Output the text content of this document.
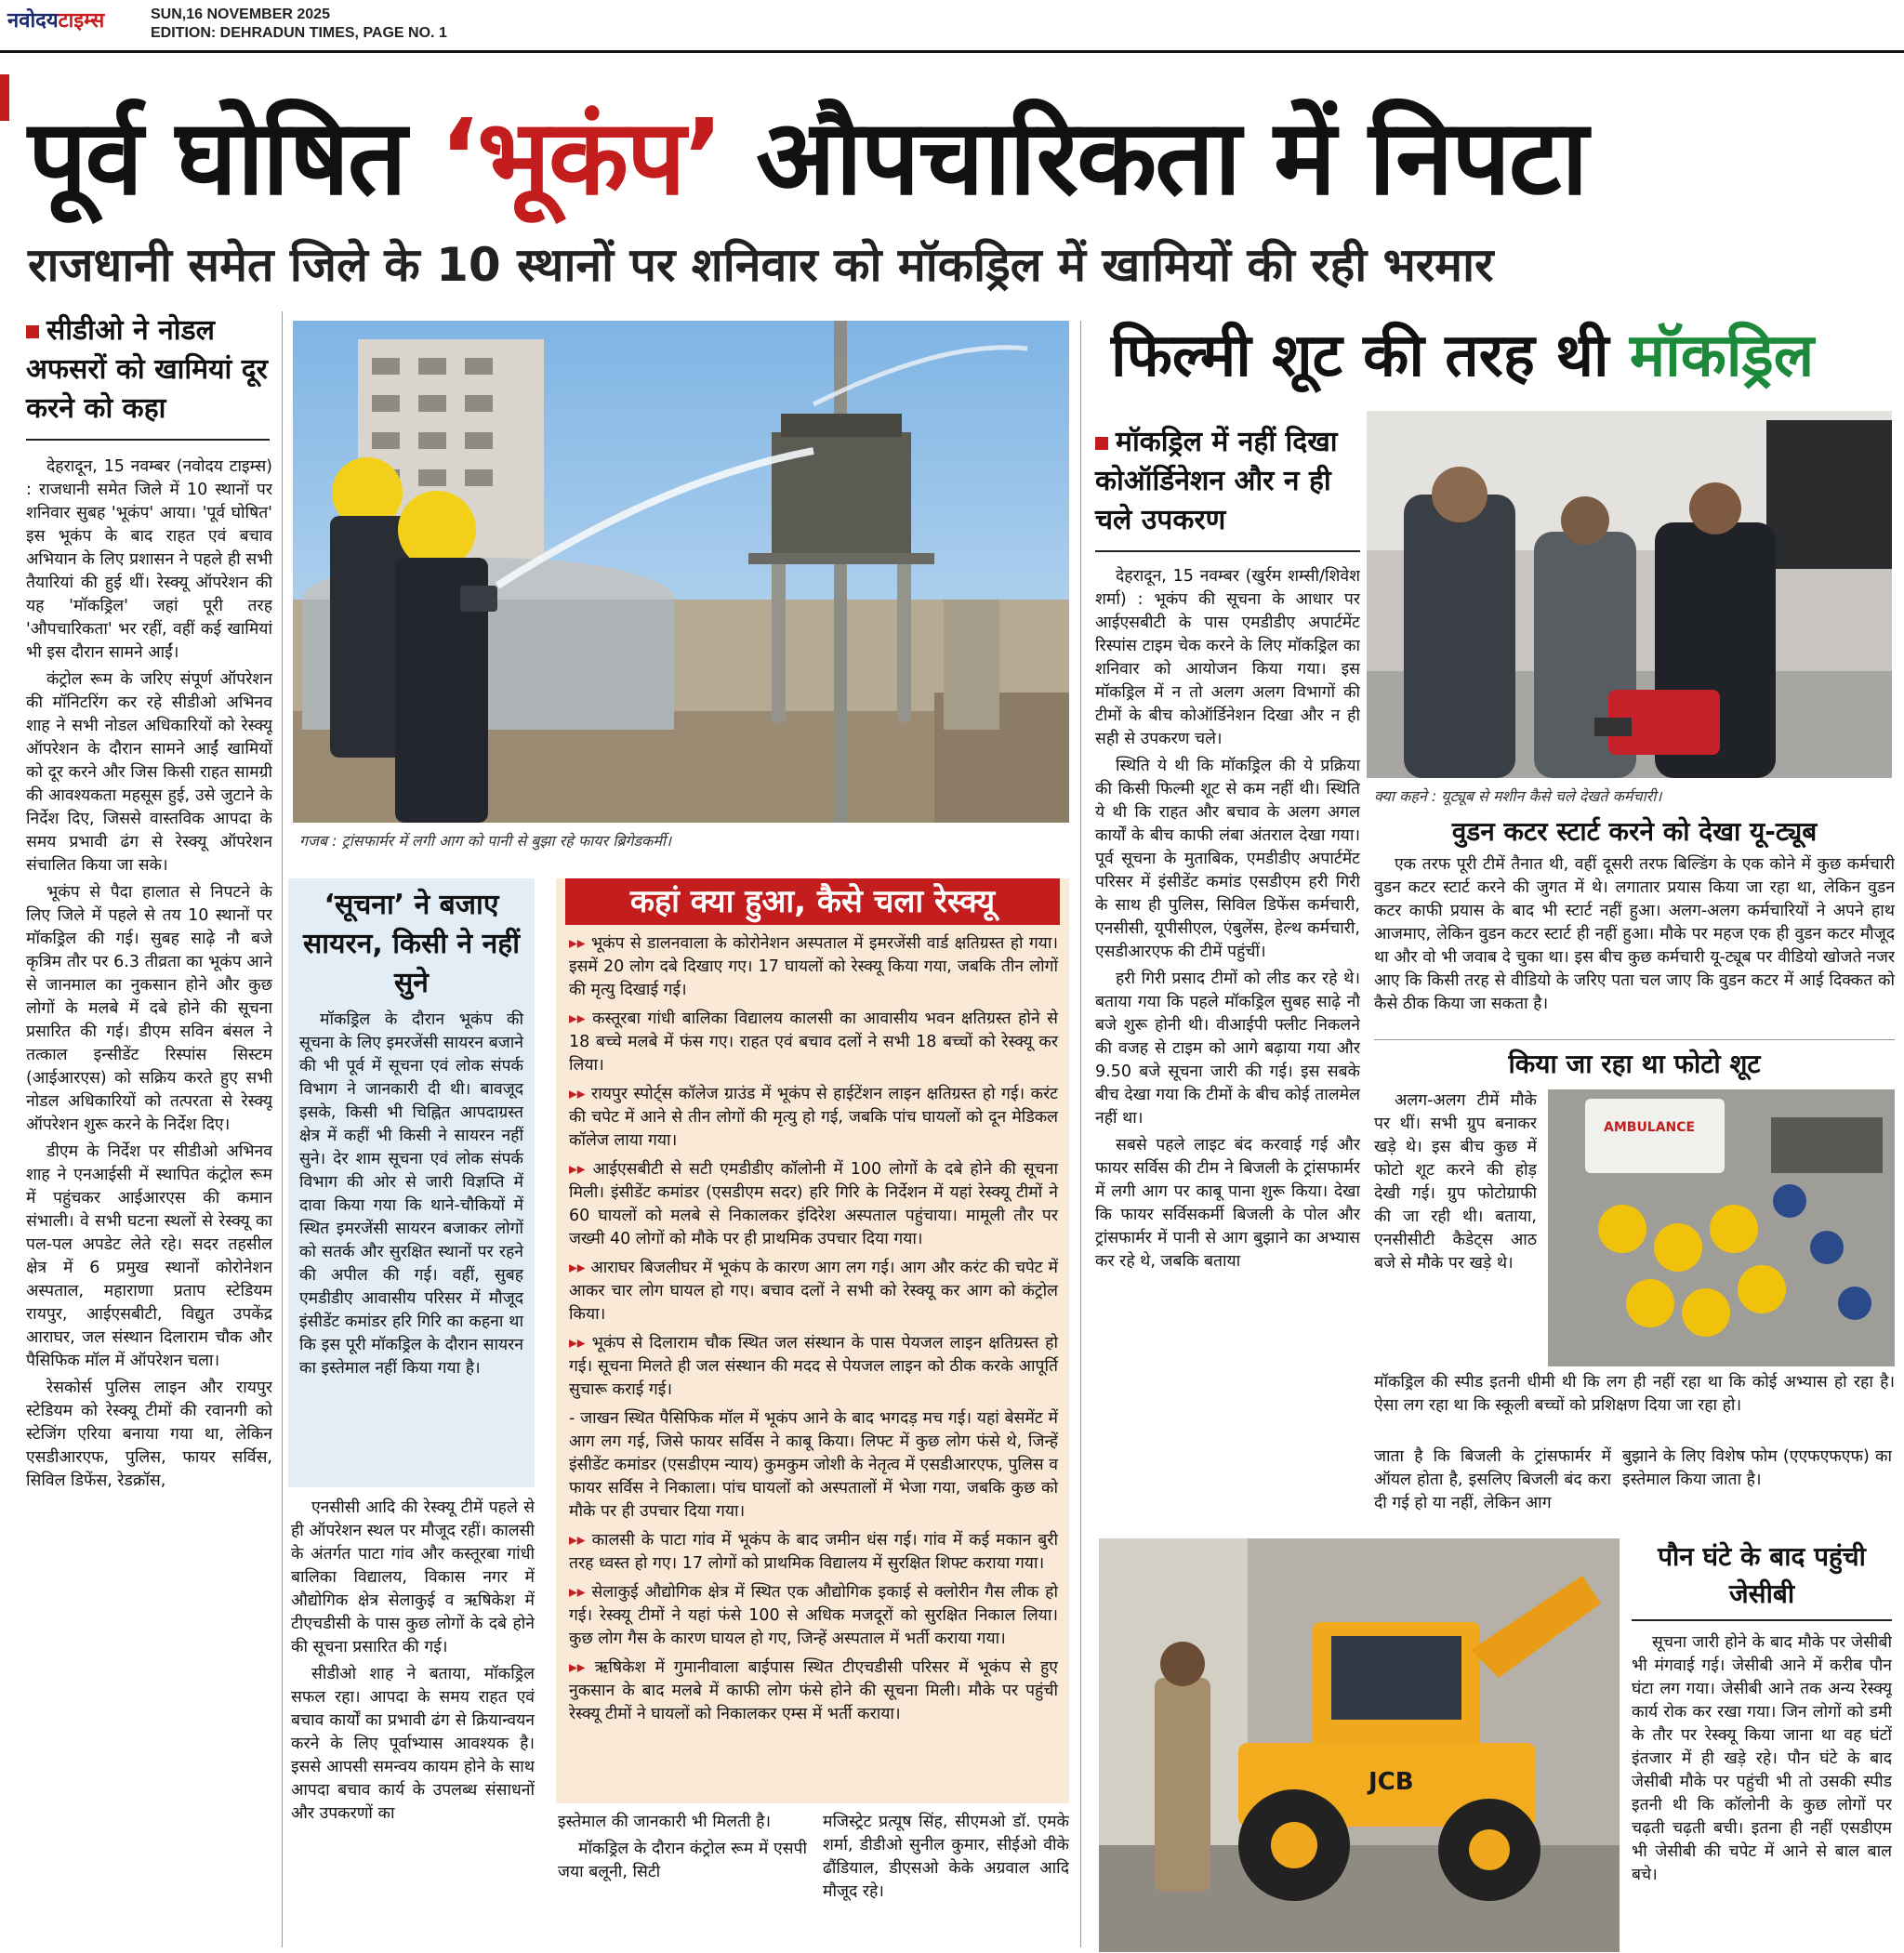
नवोदयटाइम्स	SUN,16 NOVEMBER 2025
EDITION: DEHRADUN TIMES, PAGE NO. 1
पूर्व घोषित ‘भूकंप’ औपचारिकता में निपटा
राजधानी समेत जिले के 10 स्थानों पर शनिवार को मॉकड्रिल में खामियों की रही भरमार
सीडीओ ने नोडल अफसरों को खामियां दूर करने को कहा

देहरादून, 15 नवम्बर (नवोदय टाइम्स) : राजधानी समेत जिले में 10 स्थानों पर शनिवार सुबह 'भूकंप' आया। 'पूर्व घोषित' इस भूकंप के बाद राहत एवं बचाव अभियान के लिए प्रशासन ने पहले ही सभी तैयारियां की हुई थीं। रेस्क्यू ऑपरेशन की यह 'मॉकड्रिल' जहां पूरी तरह 'औपचारिकता' भर रहीं, वहीं कई खामियां भी इस दौरान सामने आईं।

कंट्रोल रूम के जरिए संपूर्ण ऑपरेशन की मॉनिटरिंग कर रहे सीडीओ अभिनव शाह ने सभी नोडल अधिकारियों को रेस्क्यू ऑपरेशन के दौरान सामने आईं खामियों को दूर करने और जिस किसी राहत सामग्री की आवश्यकता महसूस हुई, उसे जुटाने के निर्देश दिए, जिससे वास्तविक आपदा के समय प्रभावी ढंग से रेस्क्यू ऑपरेशन संचालित किया जा सके।

भूकंप से पैदा हालात से निपटने के लिए जिले में पहले से तय 10 स्थानों पर मॉकड्रिल की गई। सुबह साढ़े नौ बजे कृत्रिम तौर पर 6.3 तीव्रता का भूकंप आने से जानमाल का नुकसान होने और कुछ लोगों के मलबे में दबे होने की सूचना प्रसारित की गई। डीएम सविन बंसल ने तत्काल इन्सीडेंट रिस्पांस सिस्टम (आईआरएस) को सक्रिय करते हुए सभी नोडल अधिकारियों को तत्परता से रेस्क्यू ऑपरेशन शुरू करने के निर्देश दिए।

डीएम के निर्देश पर सीडीओ अभिनव शाह ने एनआईसी में स्थापित कंट्रोल रूम में पहुंचकर आईआरएस की कमान संभाली। वे सभी घटना स्थलों से रेस्क्यू का पल-पल अपडेट लेते रहे। सदर तहसील क्षेत्र में 6 प्रमुख स्थानों कोरोनेशन अस्पताल, महाराणा प्रताप स्टेडियम रायपुर, आईएसबीटी, विद्युत उपकेंद्र आराघर, जल संस्थान दिलाराम चौक और पैसिफिक मॉल में ऑपरेशन चला।

रेसकोर्स पुलिस लाइन और रायपुर स्टेडियम को रेस्क्यू टीमों की रवानगी को स्टेजिंग एरिया बनाया गया था, लेकिन एसडीआरएफ, पुलिस, फायर सर्विस, सिविल डिफेंस, रेडक्रॉस,

गजब : ट्रांसफार्मर में लगी आग को पानी से बुझा रहे फायर ब्रिगेडकर्मी।
‘सूचना’ ने बजाए सायरन, किसी ने नहीं सुने

मॉकड्रिल के दौरान भूकंप की सूचना के लिए इमरजेंसी सायरन बजाने की भी पूर्व में सूचना एवं लोक संपर्क विभाग ने जानकारी दी थी। बावजूद इसके, किसी भी चिह्नित आपदाग्रस्त क्षेत्र में कहीं भी किसी ने सायरन नहीं सुने। देर शाम सूचना एवं लोक संपर्क विभाग की ओर से जारी विज्ञप्ति में दावा किया गया कि थाने-चौकियों में स्थित इमरजेंसी सायरन बजाकर लोगों को सतर्क और सुरक्षित स्थानों पर रहने की अपील की गई। वहीं, सुबह एमडीडीए आवासीय परिसर में मौजूद इंसीडेंट कमांडर हरि गिरि का कहना था कि इस पूरी मॉकड्रिल के दौरान सायरन का इस्तेमाल नहीं किया गया है।

एनसीसी आदि की रेस्क्यू टीमें पहले से ही ऑपरेशन स्थल पर मौजूद रहीं। कालसी के अंतर्गत पाटा गांव और कस्तूरबा गांधी बालिका विद्यालय, विकास नगर में औद्योगिक क्षेत्र सेलाकुई व ऋषिकेश में टीएचडीसी के पास कुछ लोगों के दबे होने की सूचना प्रसारित की गई।

सीडीओ शाह ने बताया, मॉकड्रिल सफल रहा। आपदा के समय राहत एवं बचाव कार्यों का प्रभावी ढंग से क्रियान्वयन करने के लिए पूर्वाभ्यास आवश्यक है। इससे आपसी समन्वय कायम होने के साथ आपदा बचाव कार्य के उपलब्ध संसाधनों और उपकरणों का

कहां क्या हुआ, कैसे चला रेस्क्यू
▸▸ भूकंप से डालनवाला के कोरोनेशन अस्पताल में इमरजेंसी वार्ड क्षतिग्रस्त हो गया। इसमें 20 लोग दबे दिखाए गए। 17 घायलों को रेस्क्यू किया गया, जबकि तीन लोगों की मृत्यु दिखाई गई।
▸▸ कस्तूरबा गांधी बालिका विद्यालय कालसी का आवासीय भवन क्षतिग्रस्त होने से 18 बच्चे मलबे में फंस गए। राहत एवं बचाव दलों ने सभी 18 बच्चों को रेस्क्यू कर लिया।
▸▸ रायपुर स्पोर्ट्स कॉलेज ग्राउंड में भूकंप से हाईटेंशन लाइन क्षतिग्रस्त हो गई। करंट की चपेट में आने से तीन लोगों की मृत्यु हो गई, जबकि पांच घायलों को दून मेडिकल कॉलेज लाया गया।
▸▸ आईएसबीटी से सटी एमडीडीए कॉलोनी में 100 लोगों के दबे होने की सूचना मिली। इंसीडेंट कमांडर (एसडीएम सदर) हरि गिरि के निर्देशन में यहां रेस्क्यू टीमों ने 60 घायलों को मलबे से निकालकर इंदिरेश अस्पताल पहुंचाया। मामूली तौर पर जख्मी 40 लोगों को मौके पर ही प्राथमिक उपचार दिया गया।
▸▸ आराघर बिजलीघर में भूकंप के कारण आग लग गई। आग और करंट की चपेट में आकर चार लोग घायल हो गए। बचाव दलों ने सभी को रेस्क्यू कर आग को कंट्रोल किया।
▸▸ भूकंप से दिलाराम चौक स्थित जल संस्थान के पास पेयजल लाइन क्षतिग्रस्त हो गई। सूचना मिलते ही जल संस्थान की मदद से पेयजल लाइन को ठीक करके आपूर्ति सुचारू कराई गई।
- जाखन स्थित पैसिफिक मॉल में भूकंप आने के बाद भगदड़ मच गई। यहां बेसमेंट में आग लग गई, जिसे फायर सर्विस ने काबू किया। लिफ्ट में कुछ लोग फंसे थे, जिन्हें इंसीडेंट कमांडर (एसडीएम न्याय) कुमकुम जोशी के नेतृत्व में एसडीआरएफ, पुलिस व फायर सर्विस ने निकाला। पांच घायलों को अस्पतालों में भेजा गया, जबकि कुछ को मौके पर ही उपचार दिया गया।
▸▸ कालसी के पाटा गांव में भूकंप के बाद जमीन धंस गई। गांव में कई मकान बुरी तरह ध्वस्त हो गए। 17 लोगों को प्राथमिक विद्यालय में सुरक्षित शिफ्ट कराया गया।
▸▸ सेलाकुई औद्योगिक क्षेत्र में स्थित एक औद्योगिक इकाई से क्लोरीन गैस लीक हो गई। रेस्क्यू टीमों ने यहां फंसे 100 से अधिक मजदूरों को सुरक्षित निकाल लिया। कुछ लोग गैस के कारण घायल हो गए, जिन्हें अस्पताल में भर्ती कराया गया।
▸▸ ऋषिकेश में गुमानीवाला बाईपास स्थित टीएचडीसी परिसर में भूकंप से हुए नुकसान के बाद मलबे में काफी लोग फंसे होने की सूचना मिली। मौके पर पहुंची रेस्क्यू टीमों ने घायलों को निकालकर एम्स में भर्ती कराया।

इस्तेमाल की जानकारी भी मिलती है।

मॉकड्रिल के दौरान कंट्रोल रूम में एसपी जया बलूनी, सिटी

मजिस्ट्रेट प्रत्यूष सिंह, सीएमओ डॉ. एमके शर्मा, डीडीओ सुनील कुमार, सीईओ वीके ढौंडियाल, डीएसओ केके अग्रवाल आदि मौजूद रहे।

फिल्मी शूट की तरह थी मॉकड्रिल
मॉकड्रिल में नहीं दिखा कोऑर्डिनेशन और न ही चले उपकरण

देहरादून, 15 नवम्बर (खुर्रम शम्सी/शिवेश शर्मा) : भूकंप की सूचना के आधार पर आईएसबीटी के पास एमडीडीए अपार्टमेंट रिस्पांस टाइम चेक करने के लिए मॉकड्रिल का शनिवार को आयोजन किया गया। इस मॉकड्रिल में न तो अलग अलग विभागों की टीमों के बीच कोऑर्डिनेशन दिखा और न ही सही से उपकरण चले।

स्थिति ये थी कि मॉकड्रिल की ये प्रक्रिया की किसी फिल्मी शूट से कम नहीं थी। स्थिति ये थी कि राहत और बचाव के अलग अगल कार्यों के बीच काफी लंबा अंतराल देखा गया। पूर्व सूचना के मुताबिक, एमडीडीए अपार्टमेंट परिसर में इंसीडेंट कमांड एसडीएम हरी गिरी के साथ ही पुलिस, सिविल डिफेंस कर्मचारी, एनसीसी, यूपीसीएल, एंबुलेंस, हेल्थ कर्मचारी, एसडीआरएफ की टीमें पहुंचीं।

हरी गिरी प्रसाद टीमों को लीड कर रहे थे। बताया गया कि पहले मॉकड्रिल सुबह साढ़े नौ बजे शुरू होनी थी। वीआईपी फ्लीट निकलने की वजह से टाइम को आगे बढ़ाया गया और 9.50 बजे सूचना जारी की गई। इस सबके बीच देखा गया कि टीमों के बीच कोई तालमेल नहीं था।

सबसे पहले लाइट बंद करवाई गई और फायर सर्विस की टीम ने बिजली के ट्रांसफार्मर में लगी आग पर काबू पाना शुरू किया। देखा कि फायर सर्विसकर्मी बिजली के पोल और ट्रांसफार्मर में पानी से आग बुझाने का अभ्यास कर रहे थे, जबकि बताया

क्या कहने : यूट्यूब से मशीन कैसे चले देखते कर्मचारी।
वुडन कटर स्टार्ट करने को देखा यू-ट्यूब

एक तरफ पूरी टीमें तैनात थी, वहीं दूसरी तरफ बिल्डिंग के एक कोने में कुछ कर्मचारी वुडन कटर स्टार्ट करने की जुगत में थे। लगातार प्रयास किया जा रहा था, लेकिन वुडन कटर काफी प्रयास के बाद भी स्टार्ट नहीं हुआ। अलग-अलग कर्मचारियों ने अपने हाथ आजमाए, लेकिन वुडन कटर स्टार्ट ही नहीं हुआ। मौके पर महज एक ही वुडन कटर मौजूद था और वो भी जवाब दे चुका था। इस बीच कुछ कर्मचारी यू-ट्यूब पर वीडियो खोजते नजर आए कि किसी तरह से वीडियो के जरिए पता चल जाए कि वुडन कटर में आई दिक्कत को कैसे ठीक किया जा सकता है।

किया जा रहा था फोटो शूट

अलग-अलग टीमें मौके पर थीं। सभी ग्रुप बनाकर खड़े थे। इस बीच कुछ में फोटो शूट करने की होड़ देखी गई। ग्रुप फोटोग्राफी की जा रही थी। बताया, एनसीसीटी कैडेट्स आठ बजे से मौके पर खड़े थे।

AMBULANCE

मॉकड्रिल की स्पीड इतनी धीमी थी कि लग ही नहीं रहा था कि कोई अभ्यास हो रहा है। ऐसा लग रहा था कि स्कूली बच्चों को प्रशिक्षण दिया जा रहा हो।

जाता है कि बिजली के ट्रांसफार्मर में ऑयल होता है, इसलिए बिजली बंद करा दी गई हो या नहीं, लेकिन आग

बुझाने के लिए विशेष फोम (एएफएफएफ) का इस्तेमाल किया जाता है।

JCB
पौन घंटे के बाद पहुंची जेसीबी

सूचना जारी होने के बाद मौके पर जेसीबी भी मंगवाई गई। जेसीबी आने में करीब पौन घंटा लग गया। जेसीबी आने तक अन्य रेस्क्यू कार्य रोक कर रखा गया। जिन लोगों को डमी के तौर पर रेस्क्यू किया जाना था वह घंटों इंतजार में ही खड़े रहे। पौन घंटे के बाद जेसीबी मौके पर पहुंची भी तो उसकी स्पीड इतनी थी कि कॉलोनी के कुछ लोगों पर चढ़ती चढ़ती बची। इतना ही नहीं एसडीएम भी जेसीबी की चपेट में आने से बाल बाल बचे।
